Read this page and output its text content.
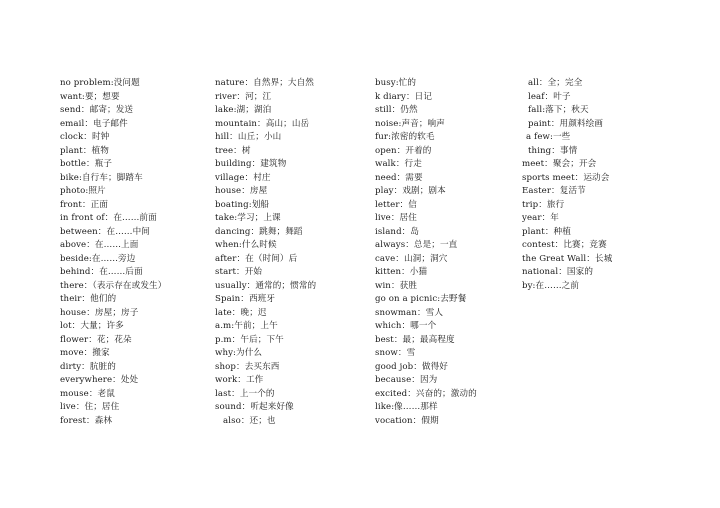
no problem:没问题
want:要；想要
send：邮寄；发送
email：电子邮件
clock：时钟
plant：植物
bottle：瓶子
bike:自行车；脚踏车
photo:照片
front：正面
in front of：在……前面
between：在……中间
above：在……上面
beside:在……旁边
behind：在……后面
there：（表示存在或发生）
their：他们的
house：房屋；房子
lot：大量；许多
flower：花；花朵
move：搬家
dirty：肮脏的
everywhere：处处
mouse：老鼠
live：住；居住
forest：森林
nature：自然界；大自然
river：河；江
lake:湖；湖泊
mountain：高山；山岳
hill：山丘；小山
tree：树
building：建筑物
village：村庄
house：房屋
boating:划船
take:学习；上课
dancing：跳舞；舞蹈
when:什么时候
after：在（时间）后
start：开始
usually：通常的；惯常的
Spain：西班牙
late：晚；迟
a.m:午前；上午
p.m：午后；下午
why:为什么
shop：去买东西
work：工作
last：上一个的
sound：听起来好像
also：还；也
busy:忙的
k diary：日记
still：仍然
noise:声音；响声
fur:浓密的软毛
open：开着的
walk：行走
need：需要
play：戏剧；剧本
letter：信
live：居住
island：岛
always：总是；一直
cave：山洞；洞穴
kitten：小猫
win：获胜
go on a picnic:去野餐
snowman：雪人
which：哪一个
best：最；最高程度
snow：雪
good job：做得好
because：因为
excited：兴奋的；激动的
like:像……那样
vocation：假期
all：全；完全
leaf：叶子
fall:落下；秋天
paint：用颜料绘画
a few:一些
thing：事情
meet：聚会；开会
sports meet：运动会
Easter：复活节
trip：旅行
year：年
plant：种植
contest：比赛；竞赛
the Great Wall：长城
national：国家的
by:在……之前
